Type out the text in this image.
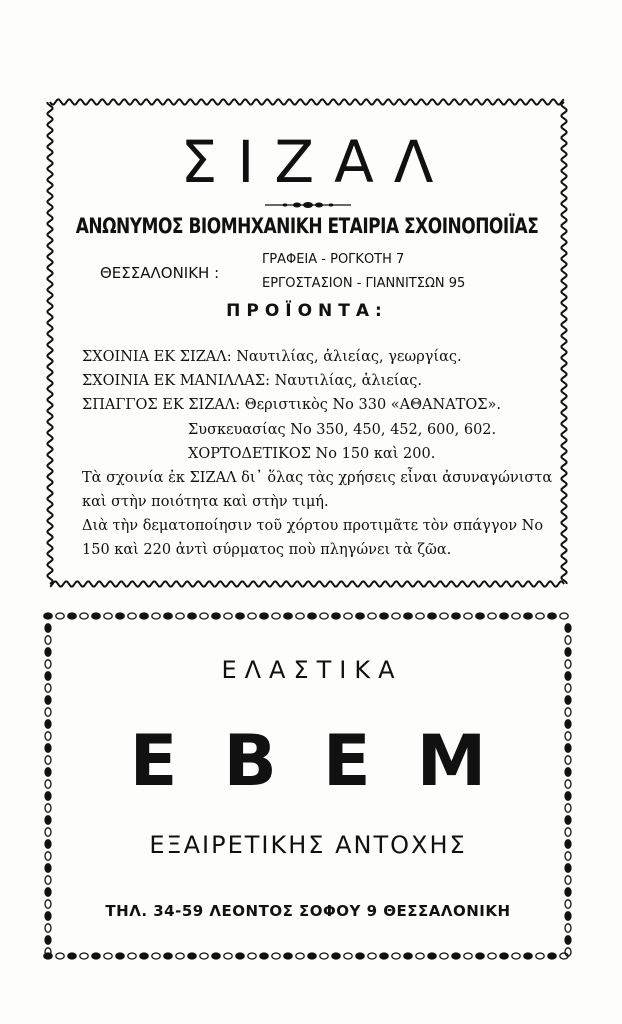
ΣΙΖΑΛ
ΑΝΩΝΥΜΟΣ ΒΙΟΜΗΧΑΝΙΚΗ ΕΤΑΙΡΙΑ ΣΧΟΙΝΟΠΟΙΪΑΣ
ΘΕΣΣΑΛΟΝΙΚΗ :
ΓΡΑΦΕΙΑ - ΡΟΓΚΟΤΗ 7
ΕΡΓΟΣΤΑΣΙΟΝ - ΓΙΑΝΝΙΤΣΩΝ 95
ΠΡΟΪΟΝΤΑ:
ΣΧΟΙΝΙΑ ΕΚ ΣΙΖΑΛ: Ναυτιλίας, ἁλιείας, γεωργίας.
ΣΧΟΙΝΙΑ ΕΚ ΜΑΝΙΛΛΑΣ: Ναυτιλίας, ἁλιείας.
ΣΠΑΓΓΟΣ ΕΚ ΣΙΖΑΛ: Θεριστικὸς Νο 330 «ΑΘΑΝΑΤΟΣ».
Συσκευασίας Νο 350, 450, 452, 600, 602.
ΧΟΡΤΟΔΕΤΙΚΟΣ Νο 150 καὶ 200.
Τὰ σχοινία ἐκ ΣΙΖΑΛ δι᾽ ὅλας τὰς χρήσεις εἶναι ἀσυναγώνιστα
καὶ στὴν ποιότητα καὶ στὴν τιμή.
Διὰ τὴν δεματοποίησιν τοῦ χόρτου προτιμᾶτε τὸν σπάγγον Νο
150 καὶ 220 ἀντὶ σύρματος ποὺ πληγώνει τὰ ζῶα.
ΕΛΑΣΤΙΚΑ
ΕΒΕΜ
ΕΞΑΙΡΕΤΙΚΗΣ ΑΝΤΟΧΗΣ
ΤΗΛ. 34-59 ΛΕΟΝΤΟΣ ΣΟΦΟΥ 9 ΘΕΣΣΑΛΟΝΙΚΗ
